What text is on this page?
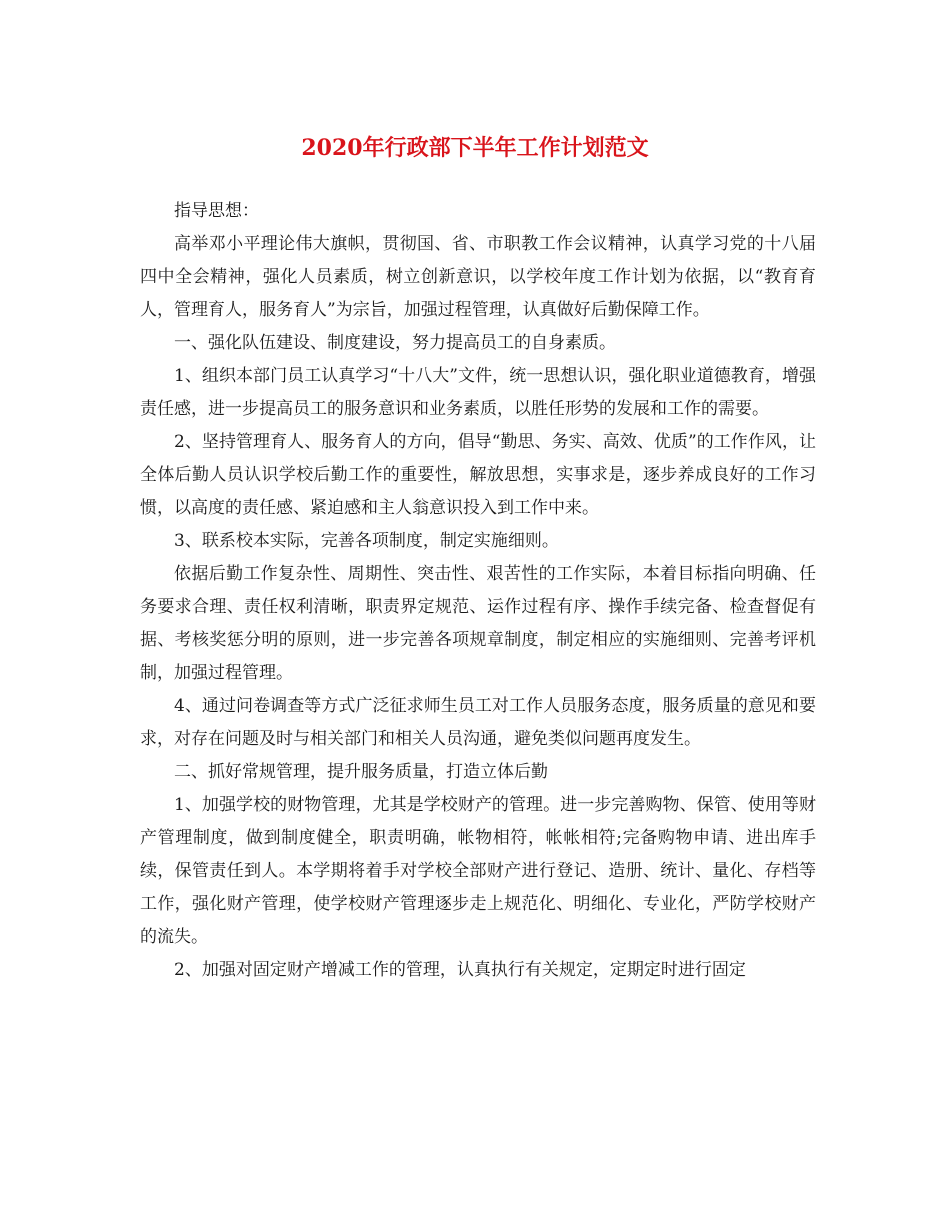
2020年行政部下半年工作计划范文

指导思想：

高举邓小平理论伟大旗帜，贯彻国、省、市职教工作会议精神，认真学习党的十八届四中全会精神，强化人员素质，树立创新意识，以学校年度工作计划为依据，以“教育育人，管理育人，服务育人”为宗旨，加强过程管理，认真做好后勤保障工作。

一、强化队伍建设、制度建设，努力提高员工的自身素质。

1、组织本部门员工认真学习“十八大”文件，统一思想认识，强化职业道德教育，增强责任感，进一步提高员工的服务意识和业务素质，以胜任形势的发展和工作的需要。

2、坚持管理育人、服务育人的方向，倡导“勤思、务实、高效、优质”的工作作风，让全体后勤人员认识学校后勤工作的重要性，解放思想，实事求是，逐步养成良好的工作习惯，以高度的责任感、紧迫感和主人翁意识投入到工作中来。

3、联系校本实际，完善各项制度，制定实施细则。

依据后勤工作复杂性、周期性、突击性、艰苦性的工作实际，本着目标指向明确、任务要求合理、责任权利清晰，职责界定规范、运作过程有序、操作手续完备、检查督促有据、考核奖惩分明的原则，进一步完善各项规章制度，制定相应的实施细则、完善考评机制，加强过程管理。

4、通过问卷调查等方式广泛征求师生员工对工作人员服务态度，服务质量的意见和要求，对存在问题及时与相关部门和相关人员沟通，避免类似问题再度发生。

二、抓好常规管理，提升服务质量，打造立体后勤

1、加强学校的财物管理，尤其是学校财产的管理。进一步完善购物、保管、使用等财产管理制度，做到制度健全，职责明确，帐物相符，帐帐相符;完备购物申请、进出库手续，保管责任到人。本学期将着手对学校全部财产进行登记、造册、统计、量化、存档等工作，强化财产管理，使学校财产管理逐步走上规范化、明细化、专业化，严防学校财产的流失。

2、加强对固定财产增减工作的管理，认真执行有关规定，定期定时进行固定
